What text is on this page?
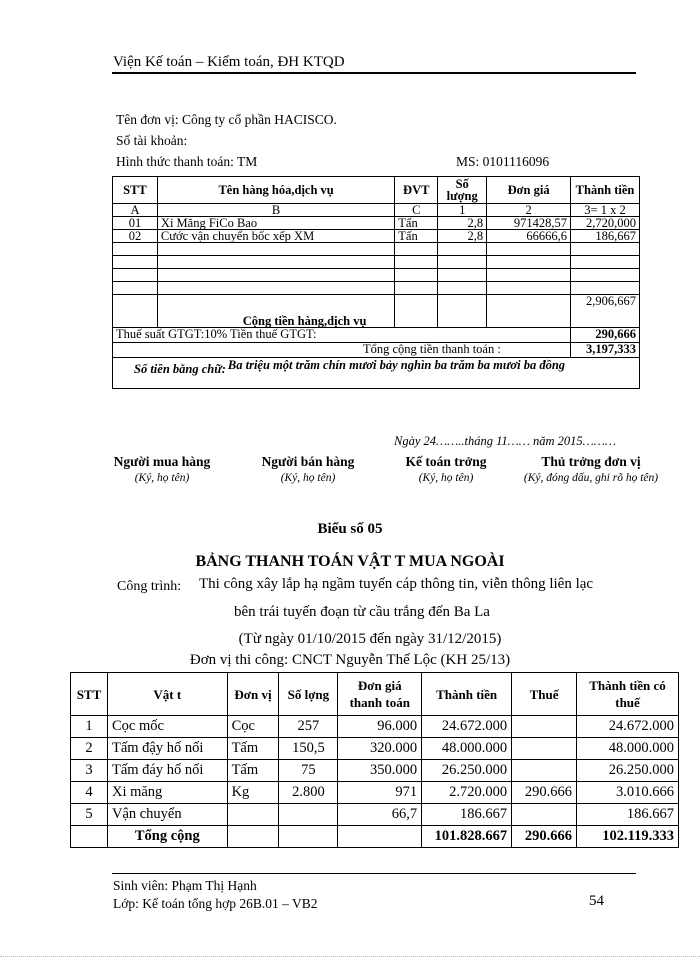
Viện Kế toán – Kiểm toán, ĐH KTQD
Tên đơn vị: Công ty cổ phần HACISCO.
Số tài khoản:
Hình thức thanh toán: TM	MS: 0101116096
STT	Tên hàng hóa,dịch vụ	ĐVT	Số lượng	Đơn giá	Thành tiền
A	B	C	1	2	3= 1 x 2
01	Xi Măng FiCo Bao	Tấn	2,8	971428,57	2,720,000
02	Cước vận chuyển bốc xếp XM	Tấn	2,8	66666,6	186,667

	Cộng tiền hàng,dịch vụ				2,906,667
Thuế suất GTGT:10% Tiền thuế GTGT:					290,666
Tổng cộng tiền thanh toán :					3,197,333

Số tiền bằng chữ: Ba triệu một trăm chín mươi bảy nghìn ba trăm ba mươi ba đồng					
Ngày 24……..tháng 11…… năm 2015………
Người mua hàng
(Ký, họ tên)
Người bán hàng
(Ký, họ tên)
Kế toán trởng
(Ký, họ tên)
Thủ trởng đơn vị
(Ký, đóng dấu, ghi rõ họ tên)
Biểu số 05
BẢNG THANH TOÁN VẬT T MUA NGOÀI
Công trình: Thi công xây lắp hạ ngầm tuyến cáp thông tin, viễn thông liên lạc
bên trái tuyến đoạn từ cầu trắng đến Ba La
(Từ ngày 01/10/2015 đến ngày 31/12/2015)
Đơn vị thi công: CNCT Nguyễn Thế Lộc (KH 25/13)
STT	Vật t	Đơn vị	Số lợng	Đơn giá thanh toán	Thành tiền	Thuế	Thành tiền có thuế
1	Cọc mốc	Cọc	257	96.000	24.672.000		24.672.000
2	Tấm đậy hố nối	Tấm	150,5	320.000	48.000.000		48.000.000
3	Tấm đáy hố nối	Tấm	75	350.000	26.250.000		26.250.000
4	Xi măng	Kg	2.800	971	2.720.000	290.666	3.010.666
5	Vận chuyển			66,7	186.667		186.667
	Tổng cộng				101.828.667	290.666	102.119.333
Sinh viên: Phạm Thị Hạnh
Lớp: Kế toán tổng hợp 26B.01 – VB2	54
